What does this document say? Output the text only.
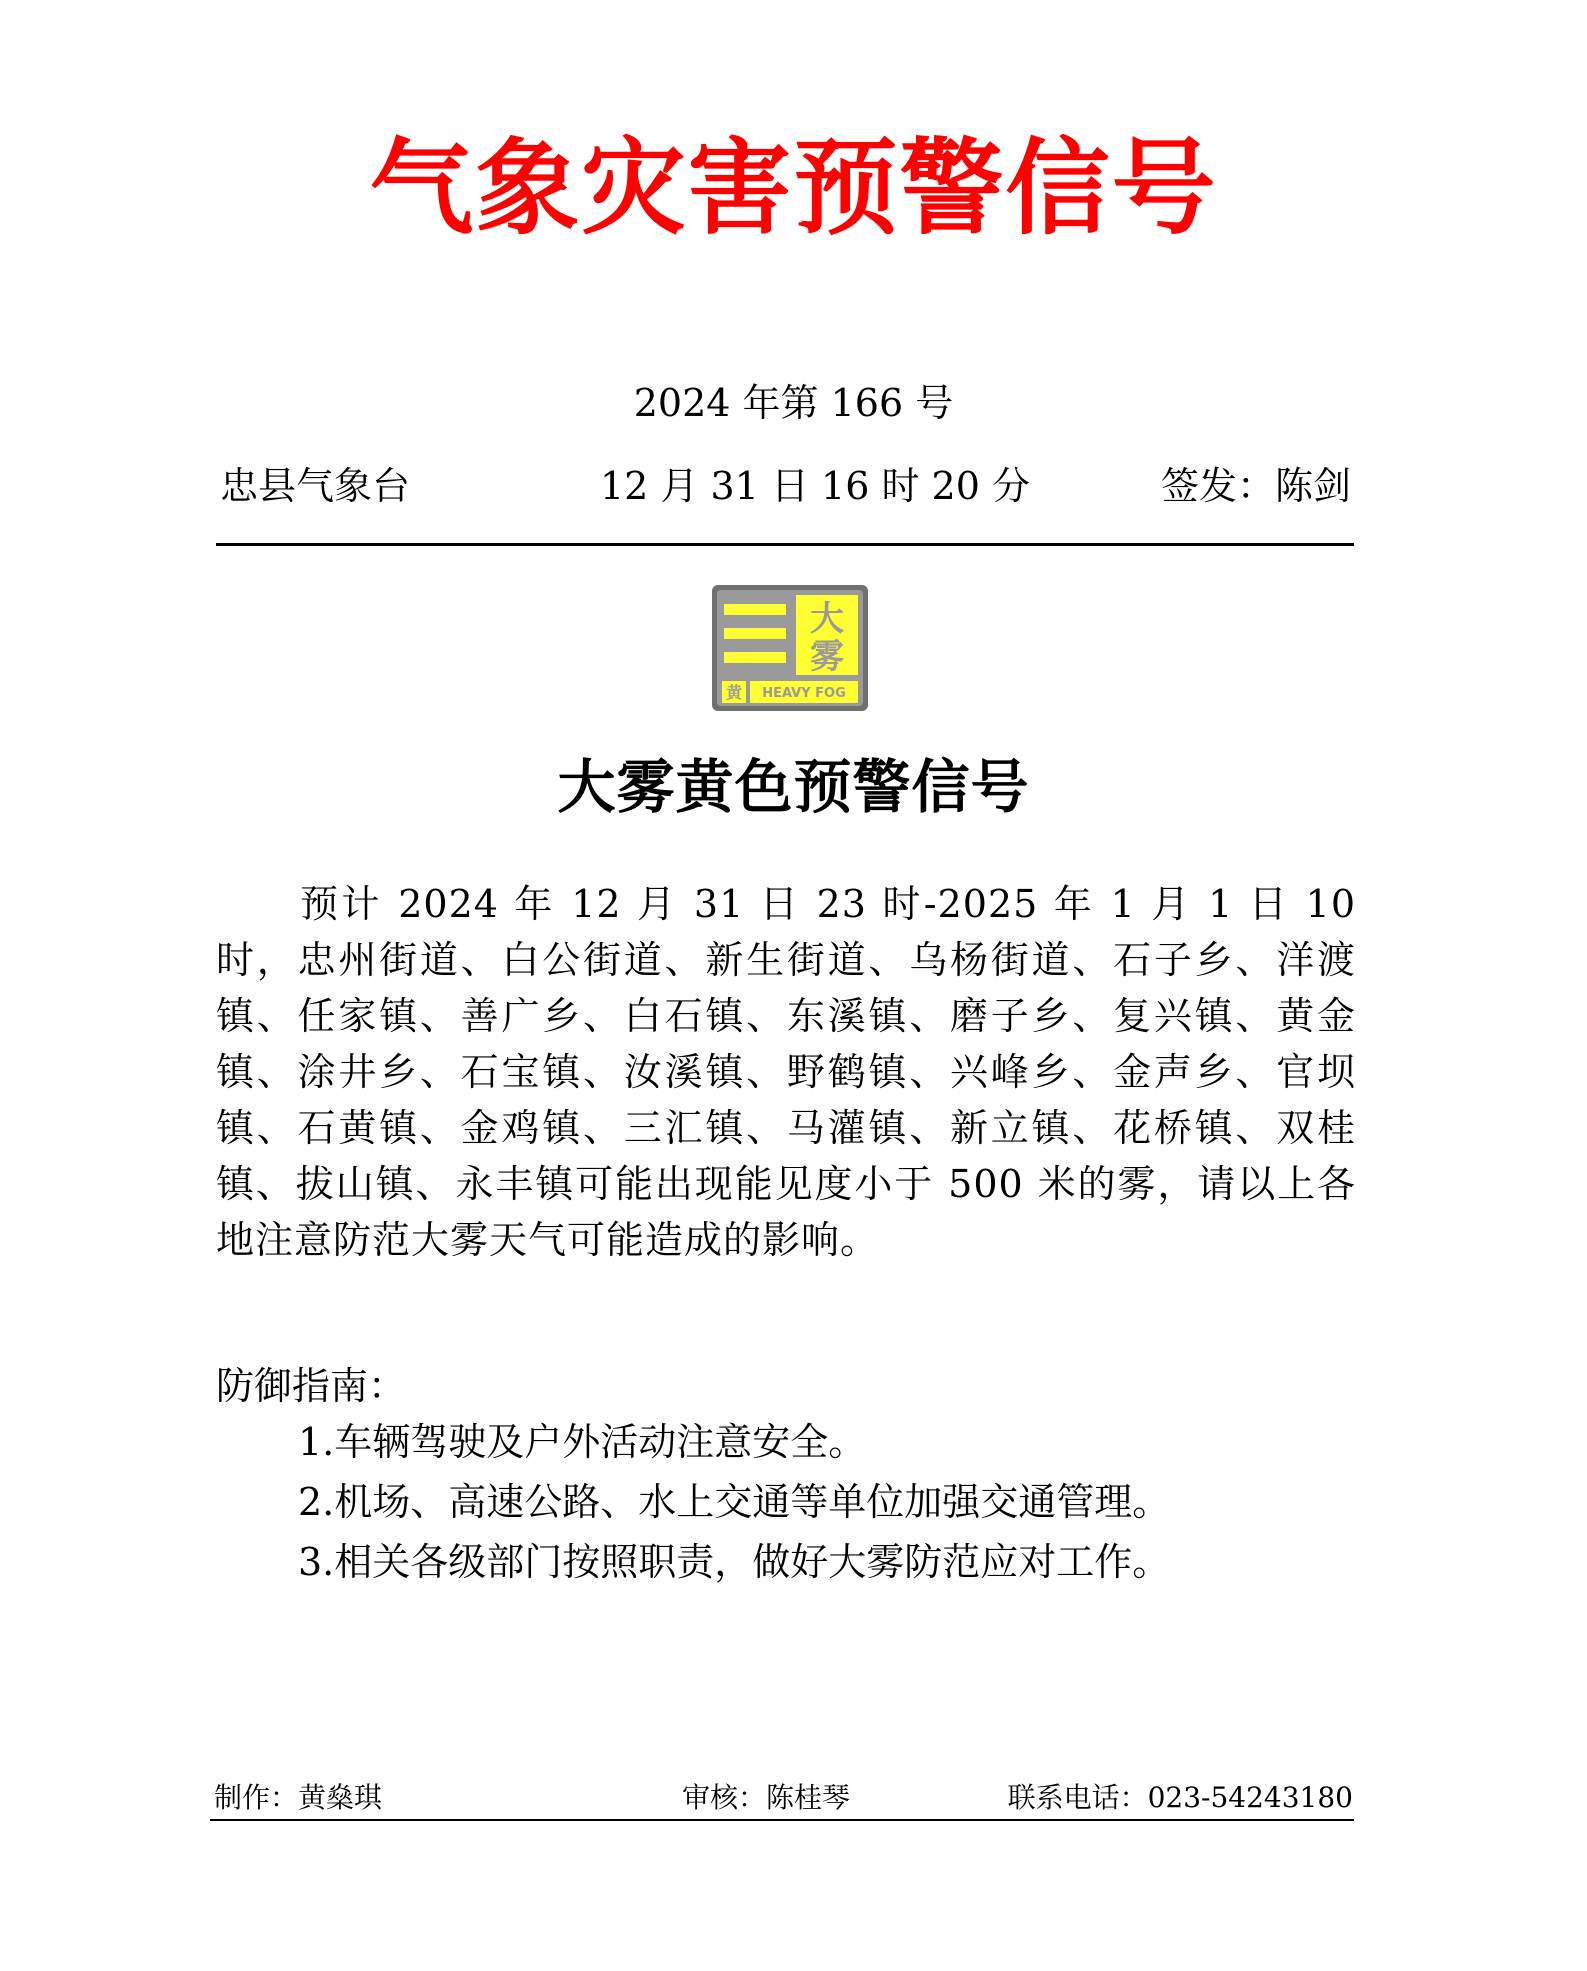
气象灾害预警信号
2024 年第 166 号
忠县气象台	12 月 31 日 16 时 20 分	签发：陈剑
大
雾
黄 HEAVY FOG
大雾黄色预警信号
预计 2024 年 12 月 31 日 23 时-2025 年 1 月 1 日 10 时，忠州街道、白公街道、新生街道、乌杨街道、石子乡、洋渡镇、任家镇、善广乡、白石镇、东溪镇、磨子乡、复兴镇、黄金镇、涂井乡、石宝镇、汝溪镇、野鹤镇、兴峰乡、金声乡、官坝镇、石黄镇、金鸡镇、三汇镇、马灌镇、新立镇、花桥镇、双桂镇、拔山镇、永丰镇可能出现能见度小于 500 米的雾，请以上各地注意防范大雾天气可能造成的影响。
防御指南：
1.车辆驾驶及户外活动注意安全。
2.机场、高速公路、水上交通等单位加强交通管理。
3.相关各级部门按照职责，做好大雾防范应对工作。
制作：黄燊琪	审核：陈桂琴	联系电话：023-54243180
